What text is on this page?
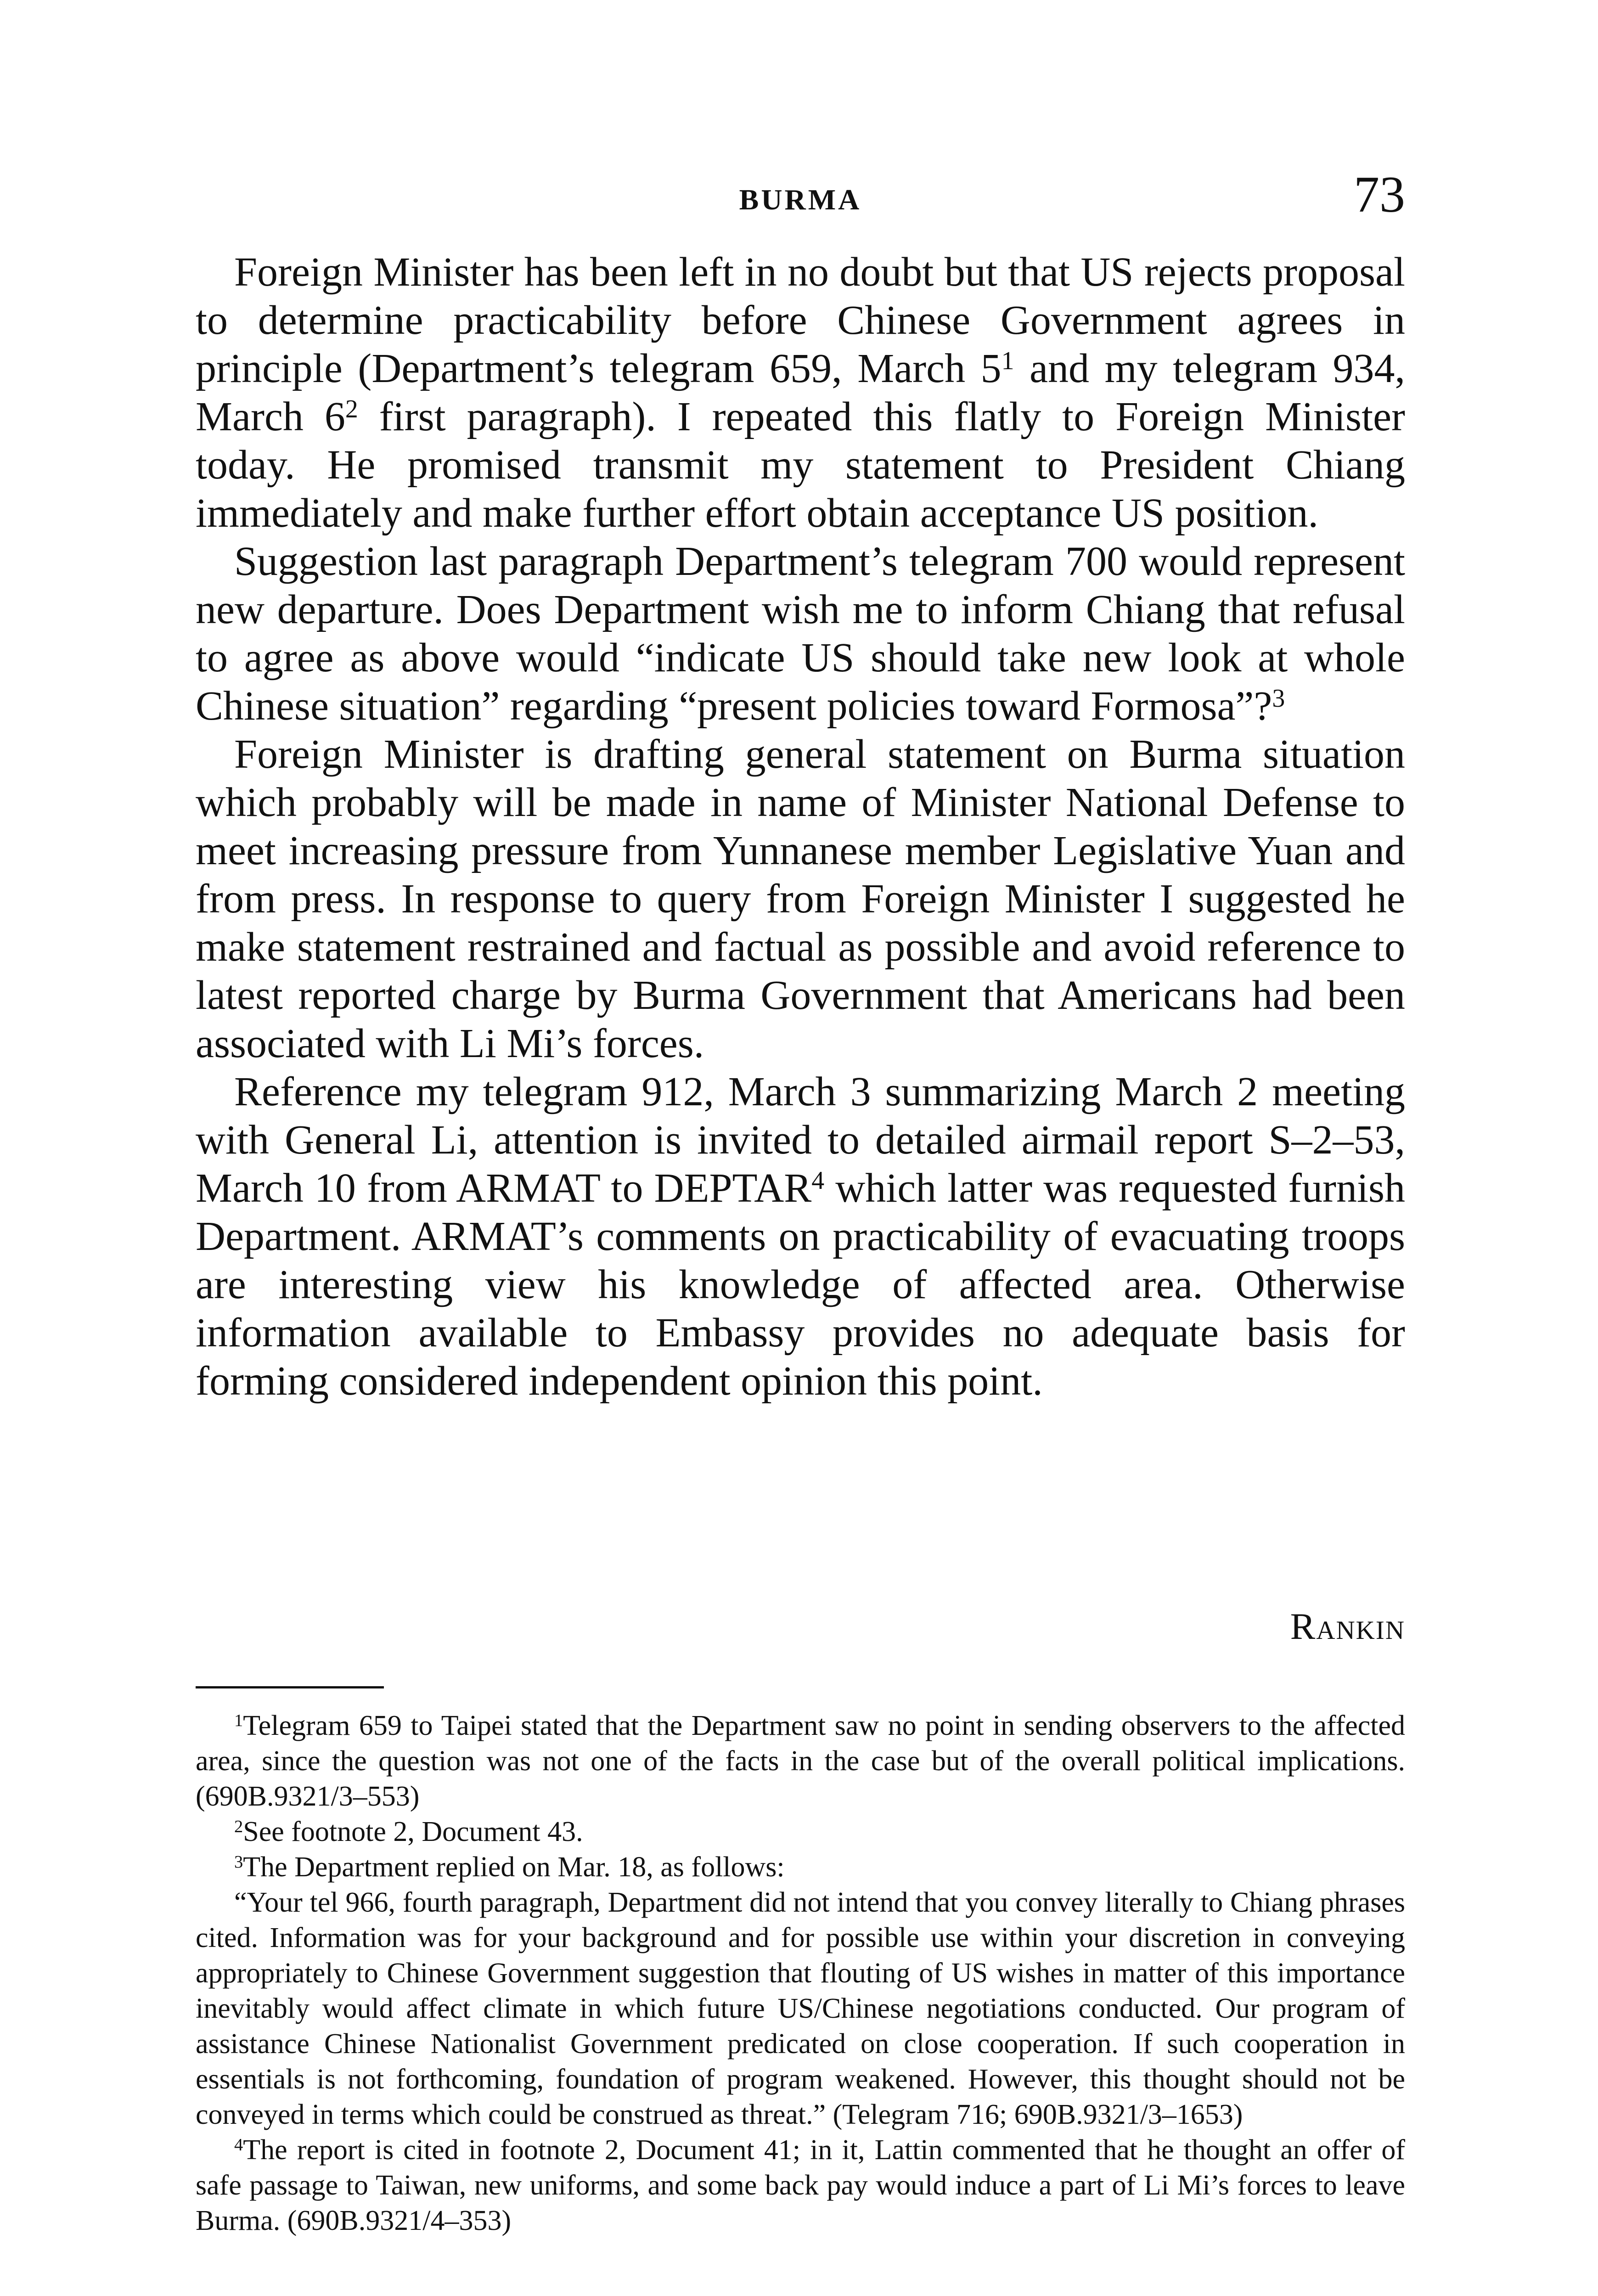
BURMA	73

Foreign Minister has been left in no doubt but that US rejects proposal to determine practicability before Chinese Government agrees in principle (Department’s telegram 659, March $5^1$ and my telegram 934, March $6^2$ first paragraph). I repeated this flatly to Foreign Minister today. He promised transmit my statement to President Chiang immediately and make further effort obtain acceptance US position.

Suggestion last paragraph Department’s telegram 700 would represent new departure. Does Department wish me to inform Chiang that refusal to agree as above would “indicate US should take new look at whole Chinese situation” regarding “present policies toward Formosa”?$^3$

Foreign Minister is drafting general statement on Burma situation which probably will be made in name of Minister National Defense to meet increasing pressure from Yunnanese member Legislative Yuan and from press. In response to query from Foreign Minister I suggested he make statement restrained and factual as possible and avoid reference to latest reported charge by Burma Government that Americans had been associated with Li Mi’s forces.

Reference my telegram 912, March 3 summarizing March 2 meeting with General Li, attention is invited to detailed airmail report S–2–53, March 10 from ARMAT to DEPTAR$^4$ which latter was requested furnish Department. ARMAT’s comments on practicability of evacuating troops are interesting view his knowledge of affected area. Otherwise information available to Embassy provides no adequate basis for forming considered independent opinion this point.

Rankin

$^1$Telegram 659 to Taipei stated that the Department saw no point in sending observers to the affected area, since the question was not one of the facts in the case but of the overall political implications. (690B.9321/3–553)

$^2$See footnote 2, Document 43.

$^3$The Department replied on Mar. 18, as follows:

“Your tel 966, fourth paragraph, Department did not intend that you convey literally to Chiang phrases cited. Information was for your background and for possible use within your discretion in conveying appropriately to Chinese Government suggestion that flouting of US wishes in matter of this importance inevitably would affect climate in which future US/Chinese negotiations conducted. Our program of assistance Chinese Nationalist Government predicated on close cooperation. If such cooperation in essentials is not forthcoming, foundation of program weakened. However, this thought should not be conveyed in terms which could be construed as threat.” (Telegram 716; 690B.9321/3–1653)

$^4$The report is cited in footnote 2, Document 41; in it, Lattin commented that he thought an offer of safe passage to Taiwan, new uniforms, and some back pay would induce a part of Li Mi’s forces to leave Burma. (690B.9321/4–353)
